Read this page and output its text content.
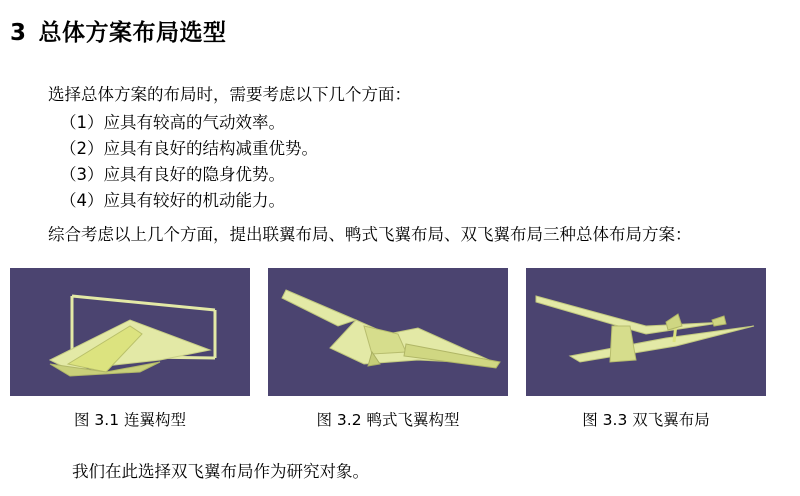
3 总体方案布局选型

选择总体方案的布局时，需要考虑以下几个方面：

（1）应具有较高的气动效率。
（2）应具有良好的结构减重优势。
（3）应具有良好的隐身优势。
（4）应具有较好的机动能力。

综合考虑以上几个方面，提出联翼布局、鸭式飞翼布局、双飞翼布局三种总体布局方案：

图 3.1 连翼构型	图 3.2 鸭式飞翼构型	图 3.3 双飞翼布局
我们在此选择双飞翼布局作为研究对象。
